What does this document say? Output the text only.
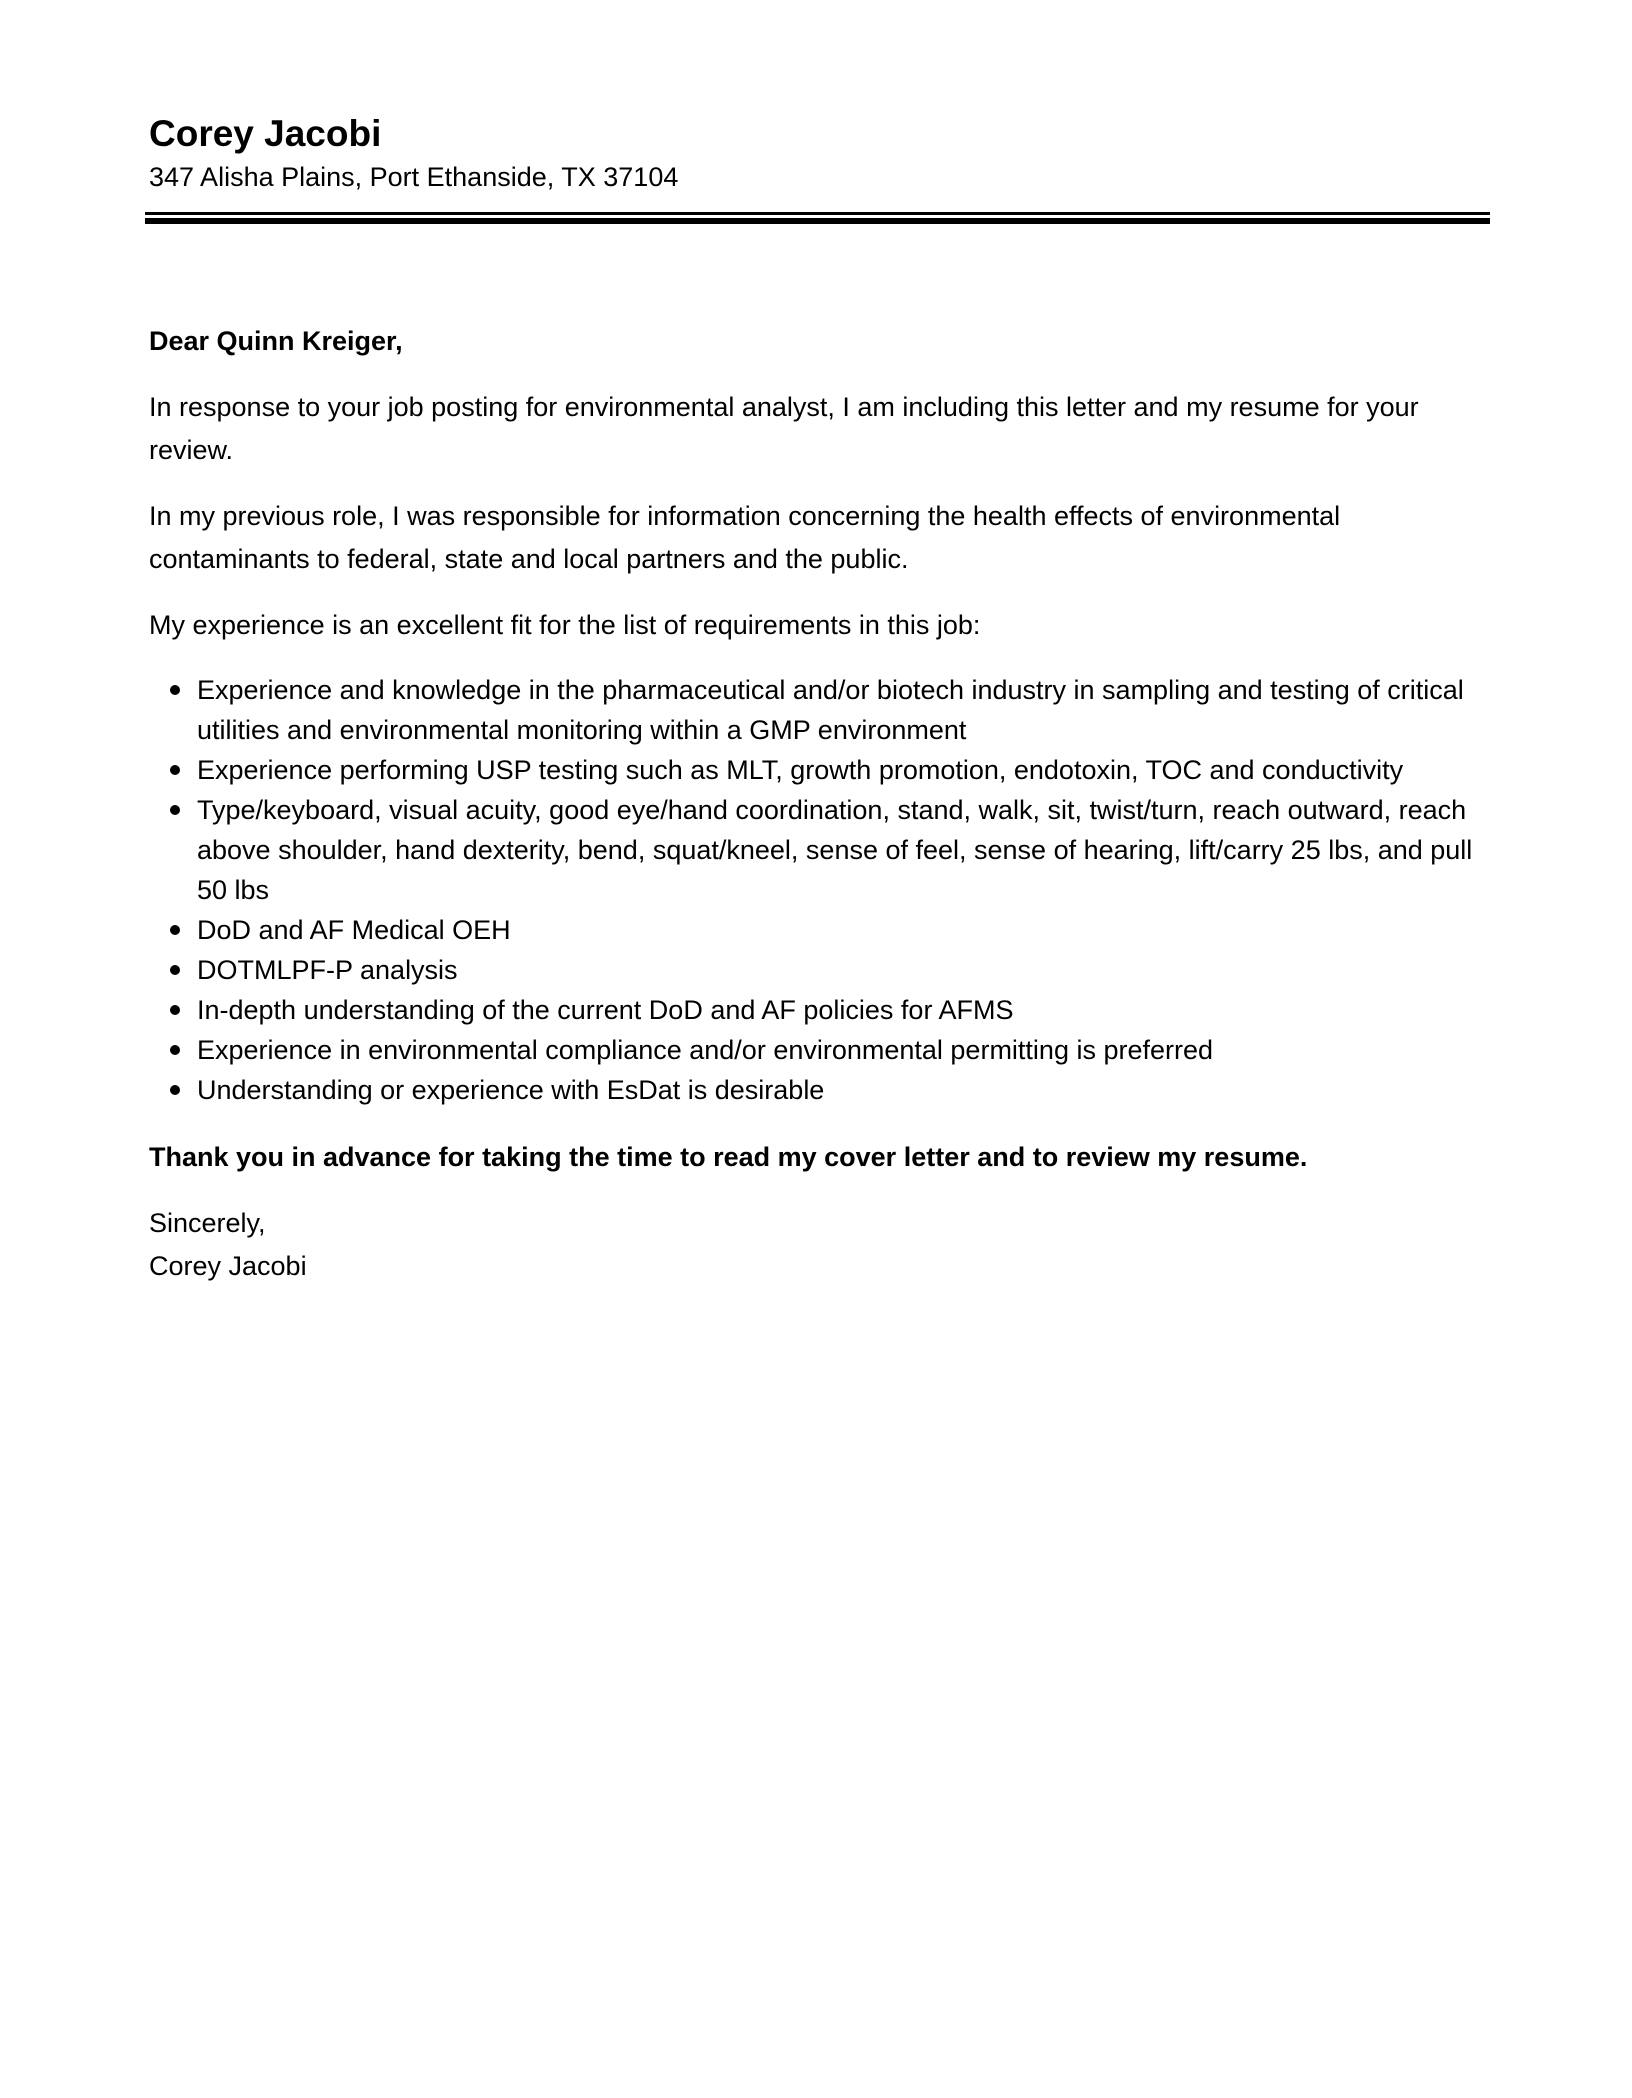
Corey Jacobi

347 Alisha Plains, Port Ethanside, TX 37104

Dear Quinn Kreiger,

In response to your job posting for environmental analyst, I am including this letter and my resume for your review.

In my previous role, I was responsible for information concerning the health effects of environmental contaminants to federal, state and local partners and the public.

My experience is an excellent fit for the list of requirements in this job:

Experience and knowledge in the pharmaceutical and/or biotech industry in sampling and testing of critical utilities and environmental monitoring within a GMP environment
Experience performing USP testing such as MLT, growth promotion, endotoxin, TOC and conductivity
Type/keyboard, visual acuity, good eye/hand coordination, stand, walk, sit, twist/turn, reach outward, reach above shoulder, hand dexterity, bend, squat/kneel, sense of feel, sense of hearing, lift/carry 25 lbs, and pull 50 lbs
DoD and AF Medical OEH
DOTMLPF-P analysis
In-depth understanding of the current DoD and AF policies for AFMS
Experience in environmental compliance and/or environmental permitting is preferred
Understanding or experience with EsDat is desirable

Thank you in advance for taking the time to read my cover letter and to review my resume.

Sincerely,

Corey Jacobi
